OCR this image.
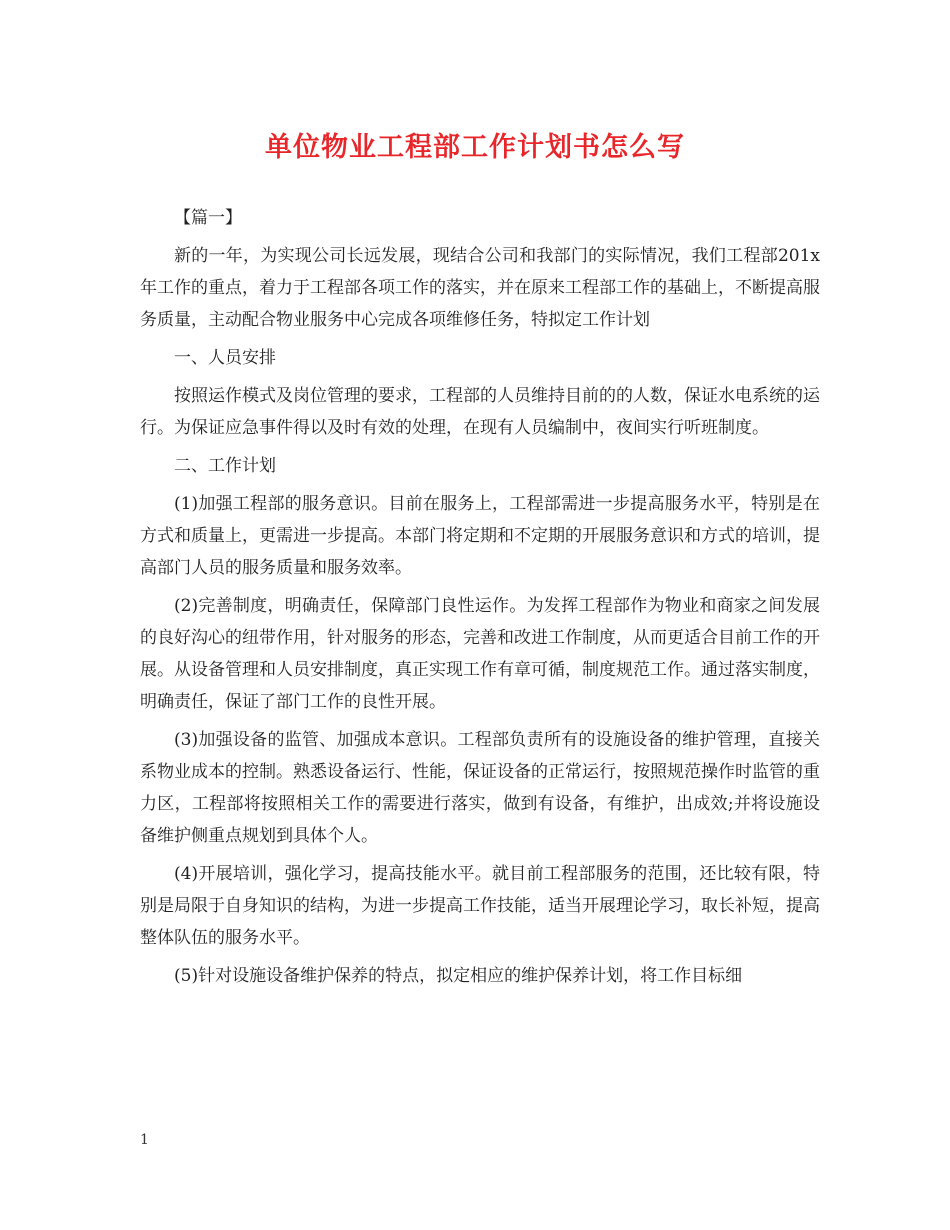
单位物业工程部工作计划书怎么写

【篇一】

新的一年，为实现公司长远发展，现结合公司和我部门的实际情况，我们工程部201x年工作的重点，着力于工程部各项工作的落实，并在原来工程部工作的基础上，不断提高服务质量，主动配合物业服务中心完成各项维修任务，特拟定工作计划

一、人员安排

按照运作模式及岗位管理的要求，工程部的人员维持目前的的人数，保证水电系统的运行。为保证应急事件得以及时有效的处理，在现有人员编制中，夜间实行听班制度。

二、工作计划

(1)加强工程部的服务意识。目前在服务上，工程部需进一步提高服务水平，特别是在方式和质量上，更需进一步提高。本部门将定期和不定期的开展服务意识和方式的培训，提高部门人员的服务质量和服务效率。

(2)完善制度，明确责任，保障部门良性运作。为发挥工程部作为物业和商家之间发展的良好沟心的纽带作用，针对服务的形态，完善和改进工作制度，从而更适合目前工作的开展。从设备管理和人员安排制度，真正实现工作有章可循，制度规范工作。通过落实制度，明确责任，保证了部门工作的良性开展。

(3)加强设备的监管、加强成本意识。工程部负责所有的设施设备的维护管理，直接关系物业成本的控制。熟悉设备运行、性能，保证设备的正常运行，按照规范操作时监管的重力区，工程部将按照相关工作的需要进行落实，做到有设备，有维护，出成效;并将设施设备维护侧重点规划到具体个人。

(4)开展培训，强化学习，提高技能水平。就目前工程部服务的范围，还比较有限，特别是局限于自身知识的结构，为进一步提高工作技能，适当开展理论学习，取长补短，提高整体队伍的服务水平。

(5)针对设施设备维护保养的特点，拟定相应的维护保养计划，将工作目标细

1
